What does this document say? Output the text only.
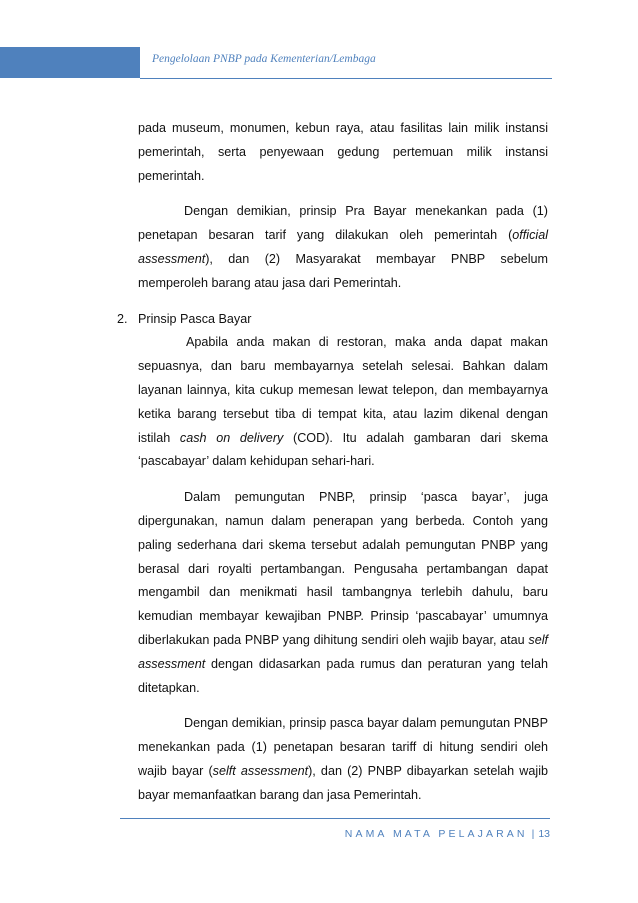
Pengelolaan PNBP pada Kementerian/Lembaga

pada museum, monumen, kebun raya, atau fasilitas lain milik instansi pemerintah, serta penyewaan gedung pertemuan milik instansi pemerintah.

Dengan demikian, prinsip Pra Bayar menekankan pada (1) penetapan besaran tarif yang dilakukan oleh pemerintah (official assessment), dan (2) Masyarakat membayar PNBP sebelum memperoleh barang atau jasa dari Pemerintah.

2. Prinsip Pasca Bayar

Apabila anda makan di restoran, maka anda dapat makan sepuasnya, dan baru membayarnya setelah selesai. Bahkan dalam layanan lainnya, kita cukup memesan lewat telepon, dan membayarnya ketika barang tersebut tiba di tempat kita, atau lazim dikenal dengan istilah cash on delivery (COD). Itu adalah gambaran dari skema ‘pascabayar’ dalam kehidupan sehari-hari.

Dalam pemungutan PNBP, prinsip ‘pasca bayar’, juga dipergunakan, namun dalam penerapan yang berbeda. Contoh yang paling sederhana dari skema tersebut adalah pemungutan PNBP yang berasal dari royalti pertambangan. Pengusaha pertambangan dapat mengambil dan menikmati hasil tambangnya terlebih dahulu, baru kemudian membayar kewajiban PNBP. Prinsip ‘pascabayar’ umumnya diberlakukan pada PNBP yang dihitung sendiri oleh wajib bayar, atau self assessment dengan didasarkan pada rumus dan peraturan yang telah ditetapkan.

Dengan demikian, prinsip pasca bayar dalam pemungutan PNBP menekankan pada (1) penetapan besaran tariff di hitung sendiri oleh wajib bayar (selft assessment), dan (2) PNBP dibayarkan setelah wajib bayar memanfaatkan barang dan jasa Pemerintah.

NAMA MATA PELAJARAN | 13
